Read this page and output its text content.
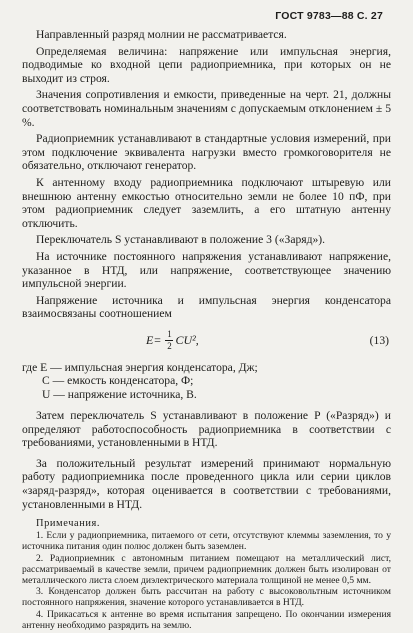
ГОСТ 9783—88 С. 27

Направленный разряд молнии не рассматривается.

Определяемая величина: напряжение или импульсная энергия, подводимые ко входной цепи радиоприемника, при которых он не выходит из строя.

Значения сопротивления и емкости, приведенные на черт. 21, должны соответствовать номинальным значениям с допускаемым отклонением ± 5 %.

Радиоприемник устанавливают в стандартные условия измерений, при этом подключение эквивалента нагрузки вместо громкоговорителя не обязательно, отключают генератор.

К антенному входу радиоприемника подключают штыревую или внешнюю антенну емкостью относительно земли не более 10 пФ, при этом радиоприемник следует заземлить, а его штатную антенну отключить.

Переключатель S устанавливают в положение 3 («Заряд»).

На источнике постоянного напряжения устанавливают напряжение, указанное в НТД, или напряжение, соответствующее значению импульсной энергии.

Напряжение источника и импульсная энергия конденсатора взаимосвязаны соотношением

$E= \frac{1}{2} CU^2$,	(13)
где E — импульсная энергия конденсатора, Дж;
C — емкость конденсатора, Ф;
U — напряжение источника, В.

Затем переключатель S устанавливают в положение P («Разряд») и определяют работоспособность радиоприемника в соответствии с требованиями, установленными в НТД.

За положительный результат измерений принимают нормальную работу радиоприемника после проведенного цикла или серии циклов «заряд-разряд», которая оценивается в соответствии с требованиями, установленными в НТД.

Примечания.

1. Если у радиоприемника, питаемого от сети, отсутствуют клеммы заземления, то у источника питания один полюс должен быть заземлен.

2. Радиоприемник с автономным питанием помещают на металлический лист, рассматриваемый в качестве земли, причем радиоприемник должен быть изолирован от металлического листа слоем диэлектрического материала толщиной не менее 0,5 мм.

3. Конденсатор должен быть рассчитан на работу с высоковольтным источником постоянного напряжения, значение которого устанавливается в НТД.

4. Прикасаться к антенне во время испытания запрещено. По окончании измерения антенну необходимо разрядить на землю.
